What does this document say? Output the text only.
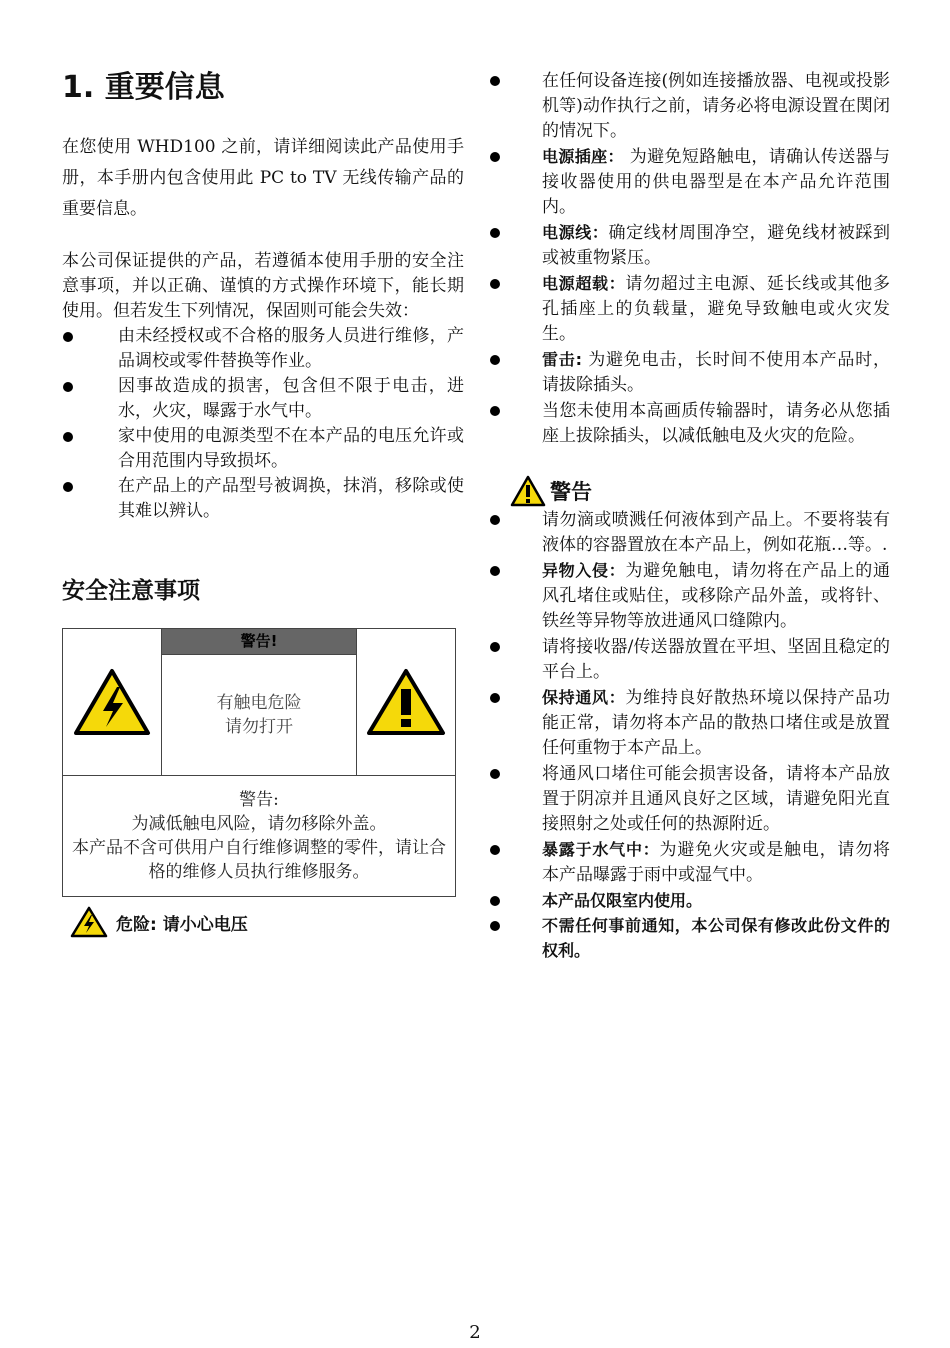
1. 重要信息

在您使用 WHD100 之前，请详细阅读此产品使用手册，本手册内包含使用此 PC to TV 无线传输产品的重要信息。

本公司保证提供的产品，若遵循本使用手册的安全注意事项，并以正确、谨慎的方式操作环境下，能长期使用。但若发生下列情况，保固则可能会失效：

由未经授权或不合格的服务人员进行维修，产品调校或零件替换等作业。
因事故造成的损害，包含但不限于电击，进水，火灾，曝露于水气中。
家中使用的电源类型不在本产品的电压允许或合用范围内导致损坏。
在产品上的产品型号被调换，抹消，移除或使其难以辨认。
安全注意事项
警告!
有触电危险
请勿打开
警告:
为减低触电风险，请勿移除外盖。
本产品不含可供用户自行维修调整的零件，请让合格的维修人员执行维修服务。
危险: 请小心电压
在任何设备连接(例如连接播放器、电视或投影机等)动作执行之前，请务必将电源设置在関闭的情况下。
电源插座： 为避免短路触电，请确认传送器与接收器使用的供电器型是在本产品允许范围内。
电源线：确定线材周围净空，避免线材被踩到或被重物紧压。
电源超载：请勿超过主电源、延长线或其他多孔插座上的负载量，避免导致触电或火灾发生。
雷击: 为避免电击，长时间不使用本产品时，请拔除插头。
当您未使用本高画质传输器时，请务必从您插座上拔除插头，以减低触电及火灾的危险。
警告
请勿滴或喷溅任何液体到产品上。不要将装有液体的容器置放在本产品上，例如花瓶…等。.
异物入侵：为避免触电，请勿将在产品上的通风孔堵住或贴住，或移除产品外盖，或将针、铁丝等异物等放进通风口缝隙内。
请将接收器/传送器放置在平坦、坚固且稳定的平台上。
保持通风：为维持良好散热环境以保持产品功能正常，请勿将本产品的散热口堵住或是放置任何重物于本产品上。
将通风口堵住可能会损害设备，请将本产品放置于阴凉并且通风良好之区域，请避免阳光直接照射之处或任何的热源附近。
暴露于水气中：为避免火灾或是触电，请勿将本产品曝露于雨中或湿气中。
本产品仅限室内使用。
不需任何事前通知，本公司保有修改此份文件的权利。
2
